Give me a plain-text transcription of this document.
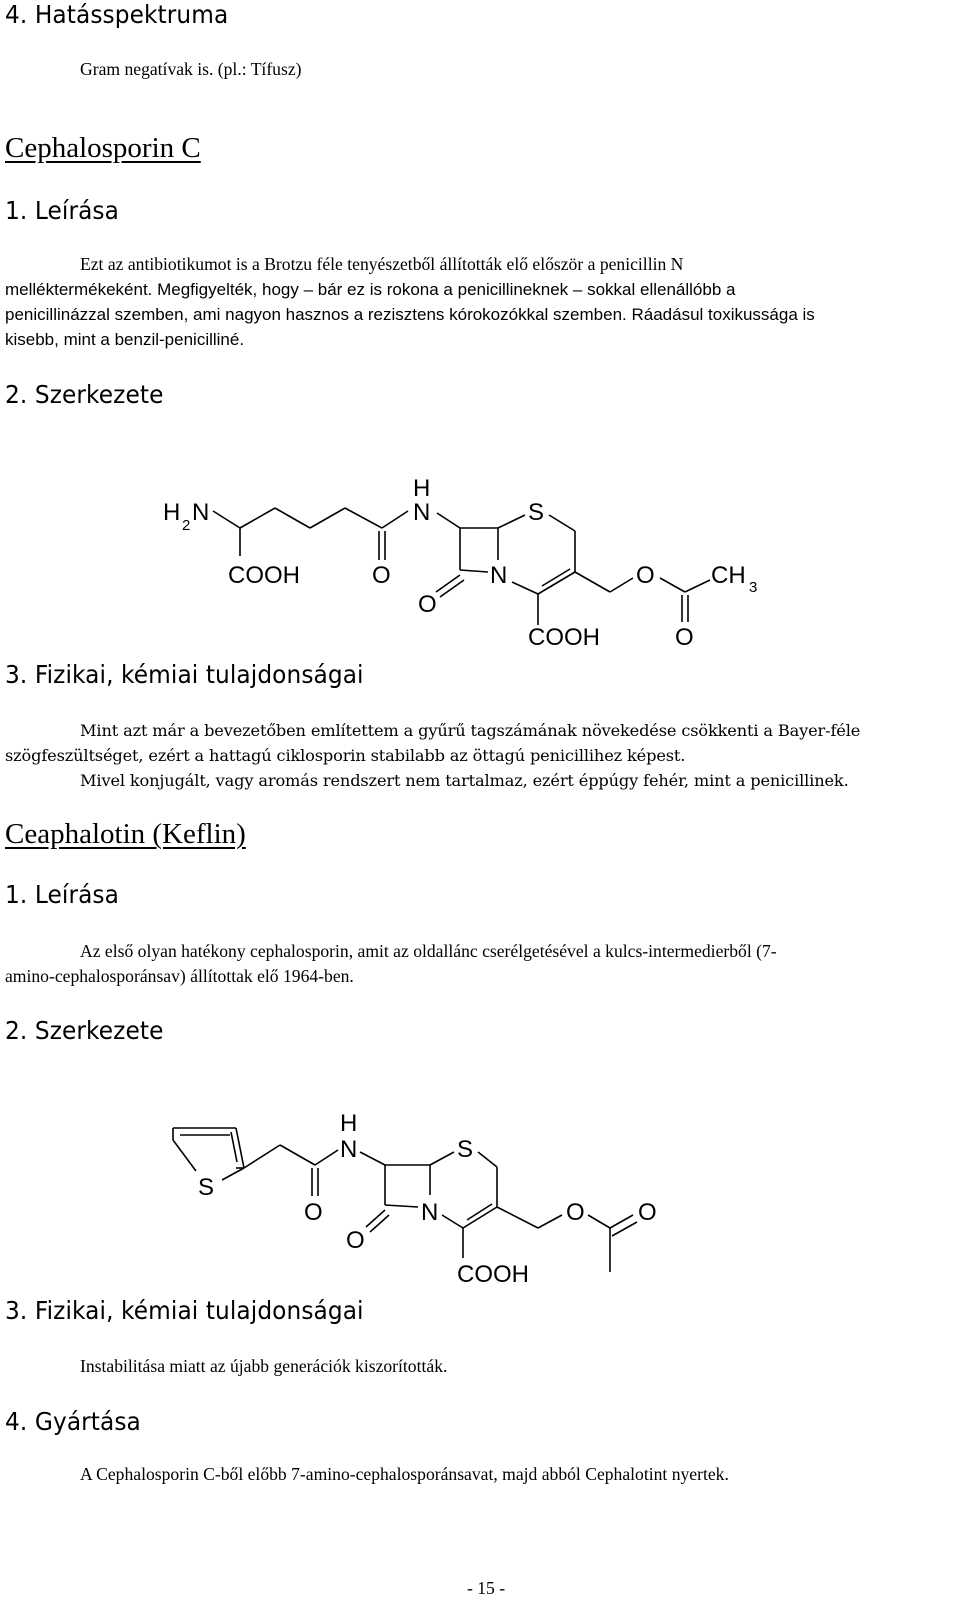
4. Hatásspektruma
Gram negatívak is. (pl.: Tífusz)
Cephalosporin C
1. Leírása
Ezt az antibiotikumot is a Brotzu féle tenyészetből állították elő először a penicillin N
melléktermékeként. Megfigyelték, hogy – bár ez is rokona a penicillineknek – sokkal ellenállóbb a
penicillinázzal szemben, ami nagyon hasznos a rezisztens kórokozókkal szemben. Ráadásul toxikussága is
kisebb, mint a benzil-penicilliné.
2. Szerkezete
H 2 N
H
N	S
COOH	O	N
O
O CH 3
COOH	O
3. Fizikai, kémiai tulajdonságai
Mint azt már a bevezetőben említettem a gyűrű tagszámának növekedése csökkenti a Bayer-féle
szögfeszültséget, ezért a hattagú ciklosporin stabilabb az öttagú penicillihez képest.
Mivel konjugált, vagy aromás rendszert nem tartalmaz, ezért éppúgy fehér, mint a penicillinek.
Ceaphalotin (Keflin)
1. Leírása
Az első olyan hatékony cephalosporin, amit az oldallánc cserélgetésével a kulcs-intermedierből (7-
amino-cephalosporánsav) állítottak elő 1964-ben.
2. Szerkezete
S
H
N	S
O	N
O
O O
COOH
3. Fizikai, kémiai tulajdonságai
Instabilitása miatt az újabb generációk kiszorították.
4. Gyártása
A Cephalosporin C-ből előbb 7-amino-cephalosporánsavat, majd abból Cephalotint nyertek.
- 15 -
